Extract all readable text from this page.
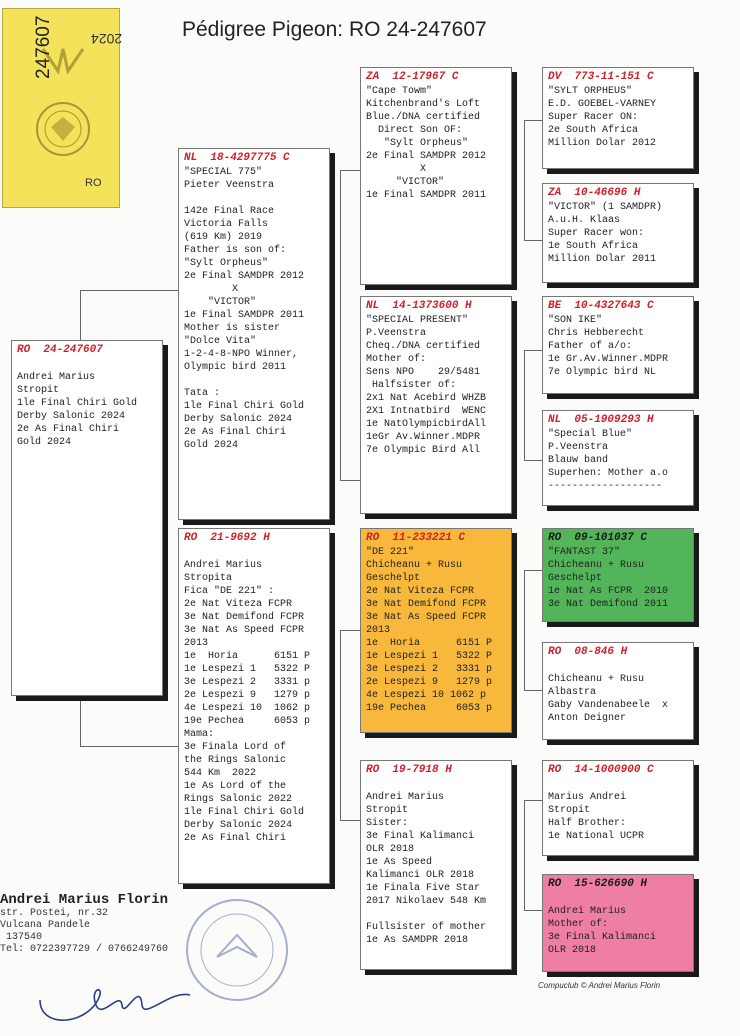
Pédigree Pigeon: RO 24-247607
247607	2024
RO
RO  24-247607

Andrei Marius
Stropit
1le Final Chiri Gold
Derby Salonic 2024
2e As Final Chiri
Gold 2024
NL  18-4297775 C
"SPECIAL 775"
Pieter Veenstra

142e Final Race
Victoria Falls
(619 Km) 2019
Father is son of:
"Sylt Orpheus"
2e Final SAMDPR 2012
X
"VICTOR"
1e Final SAMDPR 2011
Mother is sister
"Dolce Vita"
1-2-4-8-NPO Winner,
Olympic bird 2011

Tata :
1le Final Chiri Gold
Derby Salonic 2024
2e As Final Chiri
Gold 2024
RO  21-9692 H

Andrei Marius
Stropita
Fica "DE 221" :
2e Nat Viteza FCPR
3e Nat Demifond FCPR
3e Nat As Speed FCPR
2013
1e  Horia      6151 P
1e Lespezi 1   5322 P
3e Lespezi 2   3331 p
2e Lespezi 9   1279 p
4e Lespezi 10  1062 p
19e Pechea     6053 p
Mama:
3e Finala Lord of
the Rings Salonic
544 Km  2022
1e As Lord of the
Rings Salonic 2022
1le Final Chiri Gold
Derby Salonic 2024
2e As Final Chiri
ZA  12-17967 C
"Cape Towm"
Kitchenbrand's Loft
Blue./DNA certified
Direct Son OF:
"Sylt Orpheus"
2e Final SAMDPR 2012
X
"VICTOR"
1e Final SAMDPR 2011
NL  14-1373600 H
"SPECIAL PRESENT"
P.Veenstra
Cheq./DNA certified
Mother of:
Sens NPO    29/5481
Halfsister of:
2x1 Nat Acebird WHZB
2X1 Intnatbird  WENC
1e NatOlympicbirdAll
1eGr Av.Winner.MDPR
7e Olympic Bird All
RO  11-233221 C
"DE 221"
Chicheanu + Rusu
Geschelpt
2e Nat Viteza FCPR
3e Nat Demifond FCPR
3e Nat As Speed FCPR
2013
1e  Horia      6151 P
1e Lespezi 1   5322 P
3e Lespezi 2   3331 p
2e Lespezi 9   1279 p
4e Lespezi 10 1062 p
19e Pechea     6053 p
RO  19-7918 H

Andrei Marius
Stropit
Sister:
3e Final Kalimanci
OLR 2018
1e As Speed
Kalimanci OLR 2018
1e Finala Five Star
2017 Nikolaev 548 Km

Fullsister of mother
1e As SAMDPR 2018
DV  773-11-151 C
"SYLT ORPHEUS"
E.D. GOEBEL-VARNEY
Super Racer ON:
2e South Africa
Million Dolar 2012
ZA  10-46696 H
"VICTOR" (1 SAMDPR)
A.u.H. Klaas
Super Racer won:
1e South Africa
Million Dolar 2011
BE  10-4327643 C
"SON IKE"
Chris Hebberecht
Father of a/o:
1e Gr.Av.Winner.MDPR
7e Olympic bird NL
NL  05-1909293 H
"Special Blue"
P.Veenstra
Blauw band
Superhen: Mother a.o
-------------------
RO  09-101037 C
"FANTAST 37"
Chicheanu + Rusu
Geschelpt
1e Nat As FCPR  2010
3e Nat Demifond 2011
RO  08-846 H

Chicheanu + Rusu
Albastra
Gaby Vandenabeele  x
Anton Deigner
RO  14-1000900 C

Marius Andrei
Stropit
Half Brother:
1e National UCPR
RO  15-626690 H

Andrei Marius
Mother of:
3e Final Kalimanci
OLR 2018
Andrei Marius Florin
str. Postei, nr.32
Vulcana Pandele
137540
Tel: 0722397729 / 0766249760
Compuclub © Andrei Marius Florin
